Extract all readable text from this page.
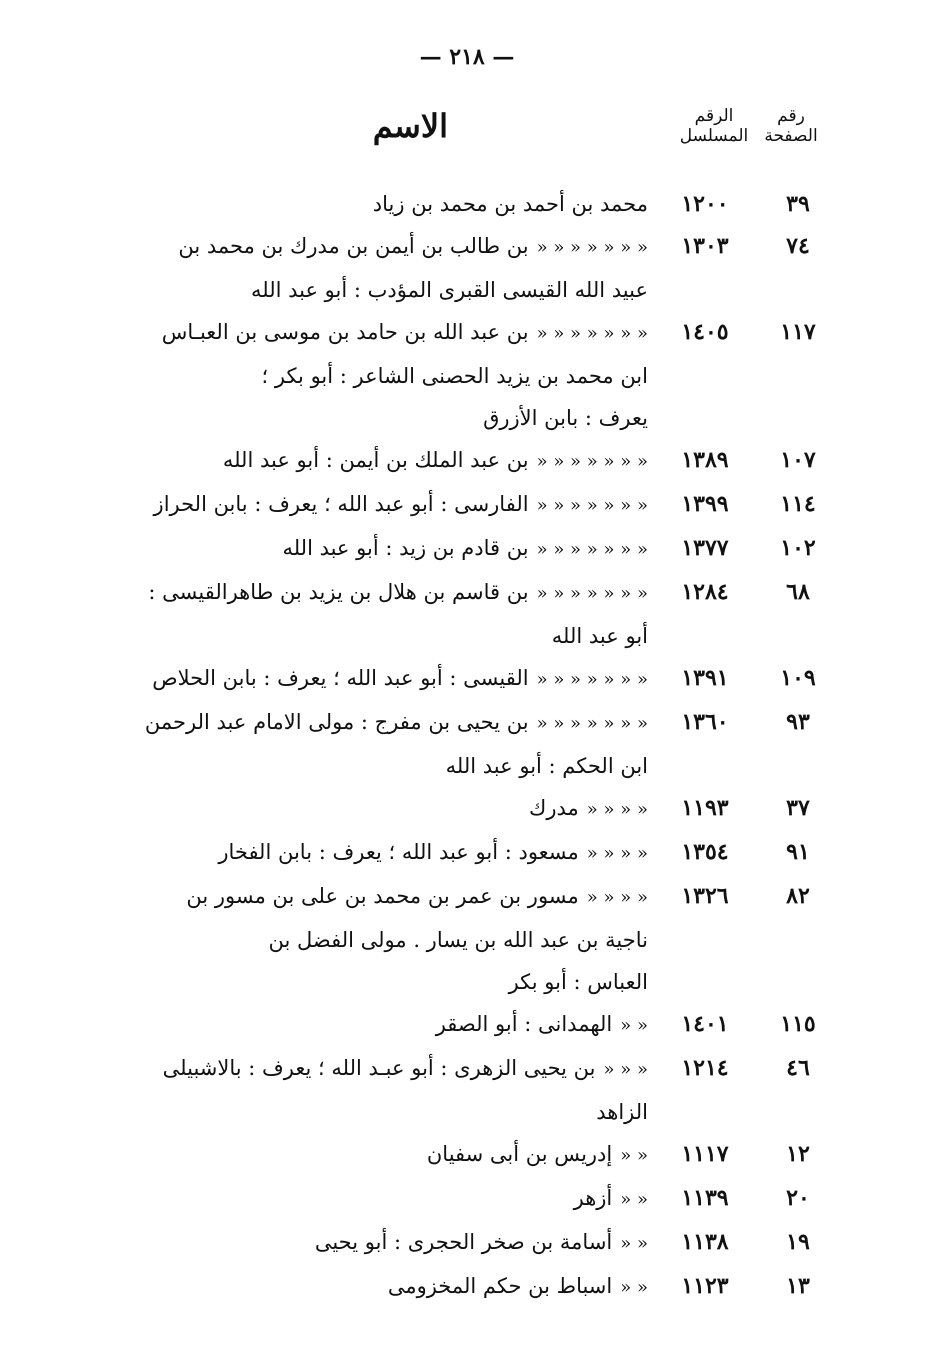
— ٢١٨ —
رقم
الصفحة
الرقم
المسلسل
الاسم
٣٩
١٢٠٠
محمد بن أحمد بن محمد بن زياد
٧٤
١٣٠٣
« « « « « « «بن طالب بن أيمن بن مدرك بن محمد بن
عبيد الله القيسى القبرى المؤدب : أبو عبد الله
١١٧
١٤٠٥
« « « « « « «بن عبد الله بن حامد بن موسى بن العبـاس
ابن محمد بن يزيد الحصنى الشاعر : أبو بكر ؛
يعرف : بابن الأزرق
١٠٧
١٣٨٩
« « « « « « «بن عبد الملك بن أيمن : أبو عبد الله
١١٤
١٣٩٩
« « « « « « «الفارسى : أبو عبد الله ؛ يعرف : بابن الحراز
١٠٢
١٣٧٧
« « « « « « «بن قادم بن زيد : أبو عبد الله
٦٨
١٢٨٤
« « « « « « «بن قاسم بن هلال بن يزيد بن طاهرالقيسى :
أبو عبد الله
١٠٩
١٣٩١
« « « « « « «القيسى : أبو عبد الله ؛ يعرف : بابن الحلاص
٩٣
١٣٦٠
« « « « « « «بن يحيى بن مفرج : مولى الامام عبد الرحمن
ابن الحكم : أبو عبد الله
٣٧
١١٩٣
« « « «مدرك
٩١
١٣٥٤
« « « «مسعود : أبو عبد الله ؛ يعرف : بابن الفخار
٨٢
١٣٢٦
« « « «مسور بن عمر بن محمد بن على بن مسور بن
ناجية بن عبد الله بن يسار . مولى الفضل بن
العباس : أبو بكر
١١٥
١٤٠١
« «الهمدانى : أبو الصقر
٤٦
١٢١٤
« « «بن يحيى الزهرى : أبو عبـد الله ؛ يعرف : بالاشبيلى
الزاهد
١٢
١١١٧
« «إدريس بن أبى سفيان
٢٠
١١٣٩
« «أزهر
١٩
١١٣٨
« «أسامة بن صخر الحجرى : أبو يحيى
١٣
١١٢٣
« «اسباط بن حكم المخزومى
